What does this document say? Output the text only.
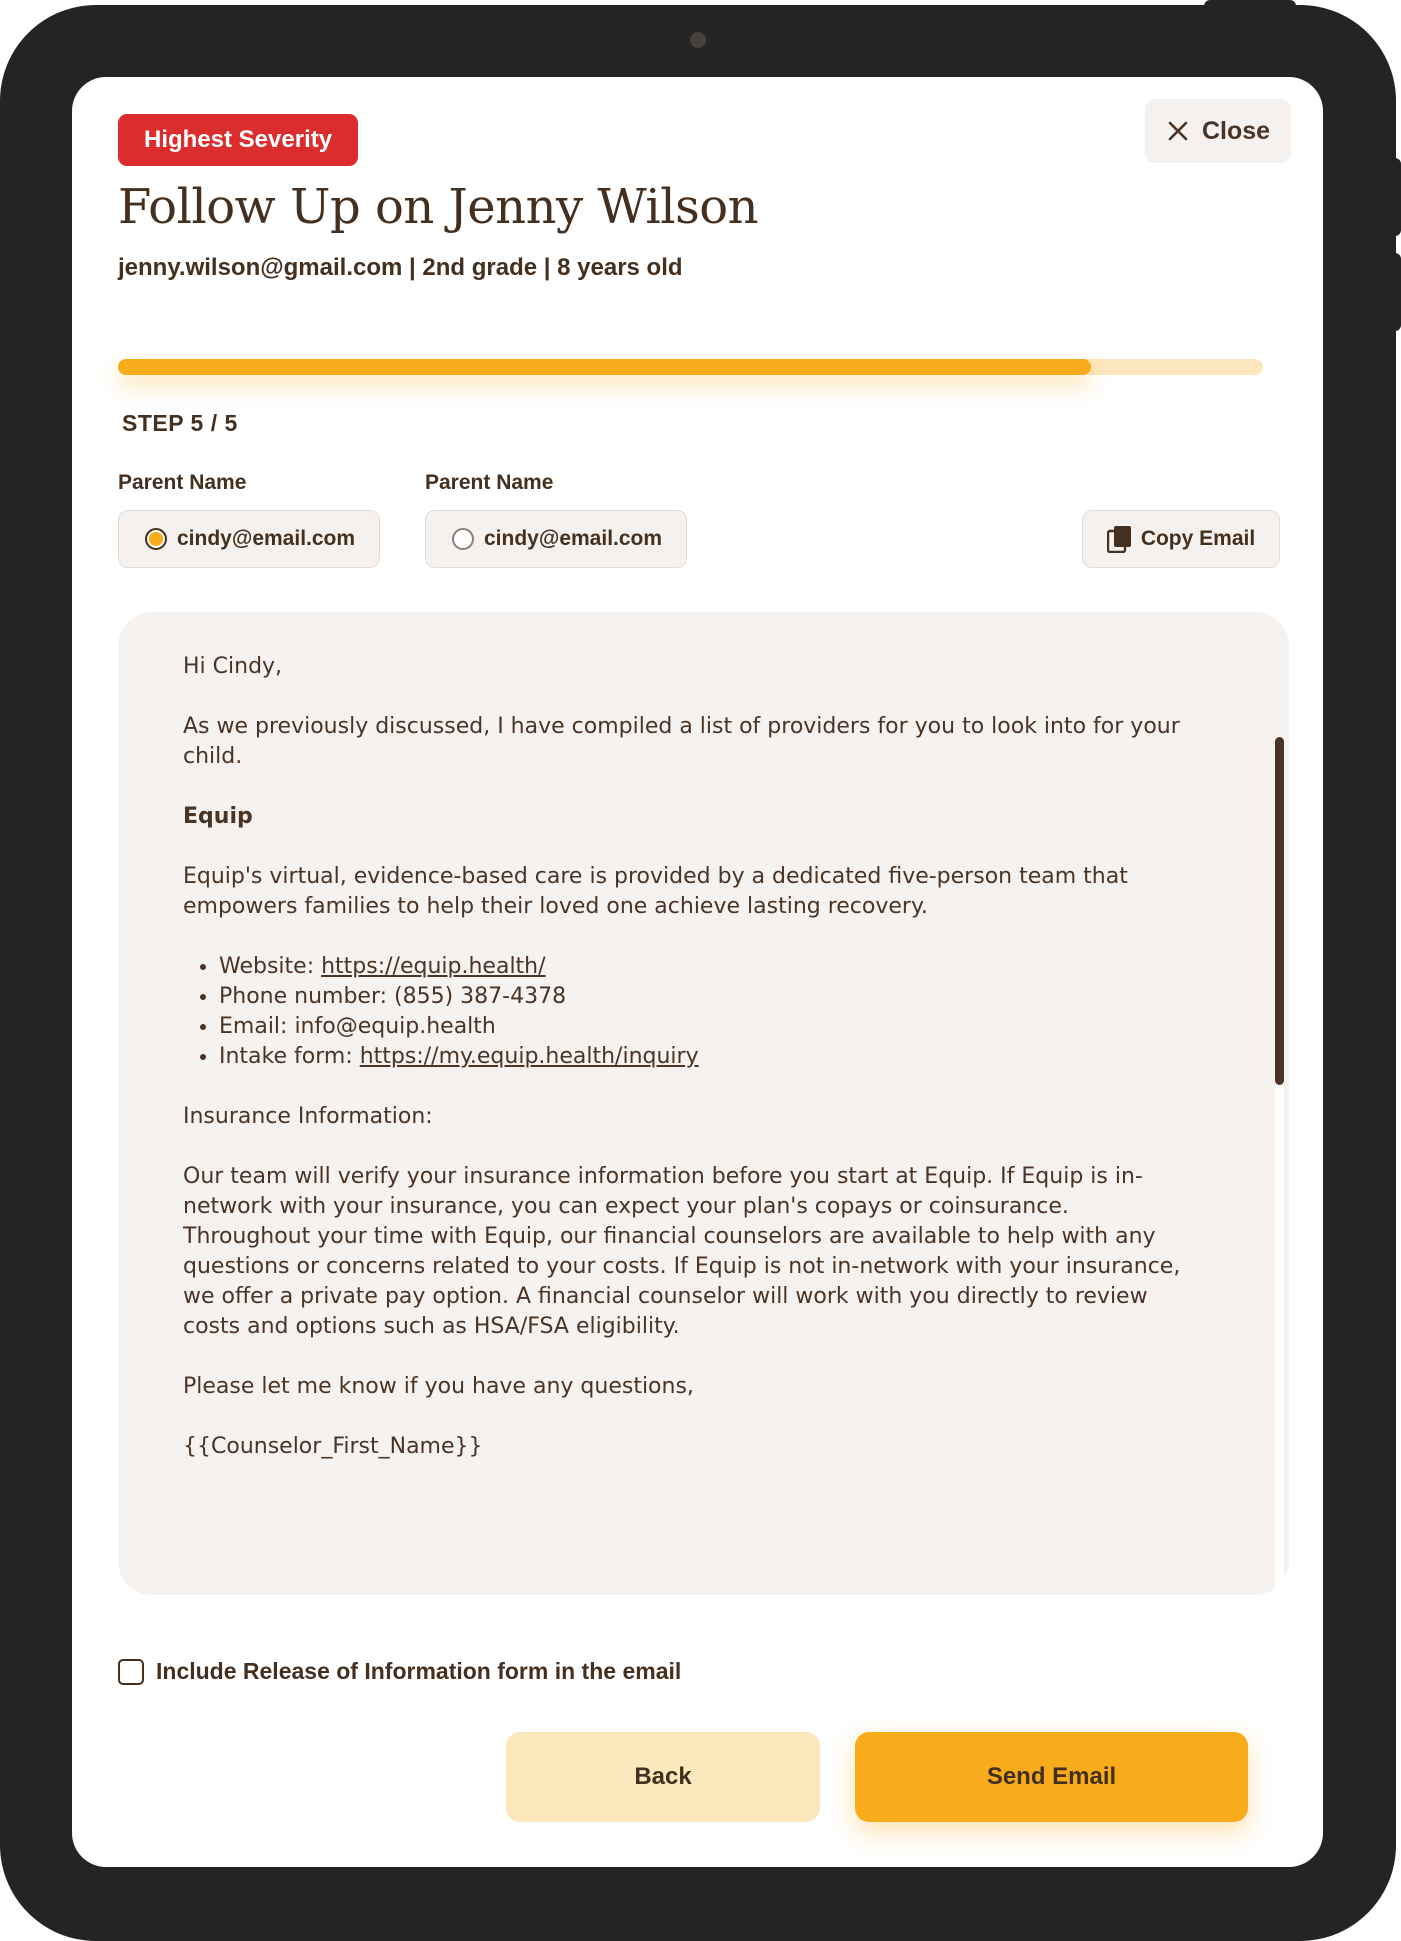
Highest Severity	Close
Follow Up on Jenny Wilson
jenny.wilson@gmail.com | 2nd grade | 8 years old
STEP 5 / 5
Parent Name	Parent Name
cindy@email.com	cindy@email.com	Copy Email

Hi Cindy,

As we previously discussed, I have compiled a list of providers for you to look into for your child.

Equip

Equip's virtual, evidence-based care is provided by a dedicated five-person team that empowers families to help their loved one achieve lasting recovery.

• Website: https://equip.health/
• Phone number: (855) 387-4378
• Email: info@equip.health
• Intake form: https://my.equip.health/inquiry

Insurance Information:

Our team will verify your insurance information before you start at Equip. If Equip is in-network with your insurance, you can expect your plan's copays or coinsurance. Throughout your time with Equip, our financial counselors are available to help with any questions or concerns related to your costs. If Equip is not in-network with your insurance, we offer a private pay option. A financial counselor will work with you directly to review costs and options such as HSA/FSA eligibility.

Please let me know if you have any questions,

{{Counselor_First_Name}}

Include Release of Information form in the email
Back	Send Email
